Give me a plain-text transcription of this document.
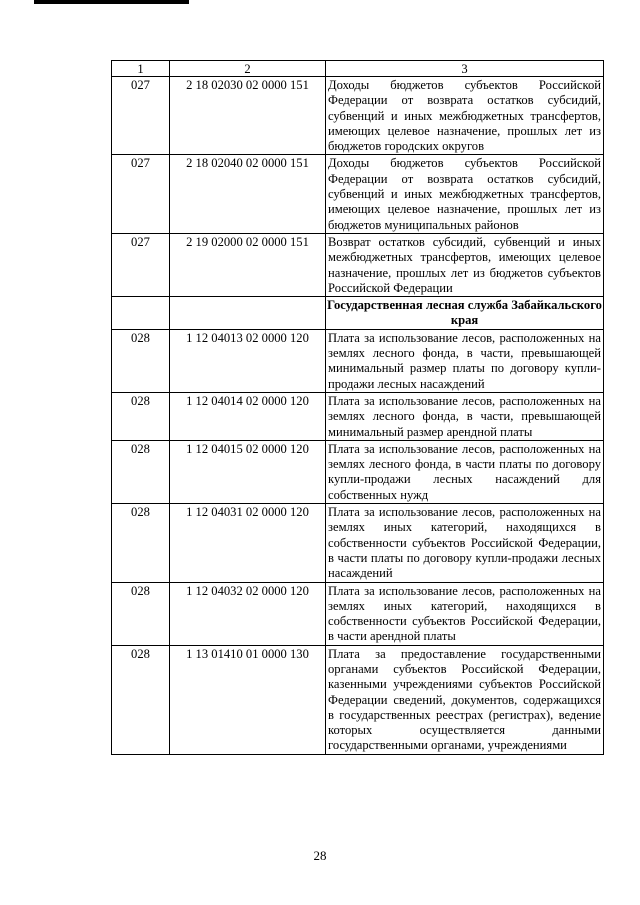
1	2	3
027	2 18 02030 02 0000 151	Доходы бюджетов субъектов Российской Федерации от возврата остатков субсидий, субвенций и иных межбюджетных трансфертов, имеющих целевое назначение, прошлых лет из бюджетов городских округов
027	2 18 02040 02 0000 151	Доходы бюджетов субъектов Российской Федерации от возврата остатков субсидий, субвенций и иных межбюджетных трансфертов, имеющих целевое назначение, прошлых лет из бюджетов муниципальных районов
027	2 19 02000 02 0000 151	Возврат остатков субсидий, субвенций и иных межбюджетных трансфертов, имеющих целевое назначение, прошлых лет из бюджетов субъектов Российской Федерации
		Государственная лесная служба Забайкальского края
028	1 12 04013 02 0000 120	Плата за использование лесов, расположенных на землях лесного фонда, в части, превышающей минимальный размер платы по договору купли-продажи лесных насаждений
028	1 12 04014 02 0000 120	Плата за использование лесов, расположенных на землях лесного фонда, в части, превышающей минимальный размер арендной платы
028	1 12 04015 02 0000 120	Плата за использование лесов, расположенных на землях лесного фонда, в части платы по договору купли-продажи лесных насаждений для собственных нужд
028	1 12 04031 02 0000 120	Плата за использование лесов, расположенных на землях иных категорий, находящихся в собственности субъектов Российской Федерации, в части платы по договору купли-продажи лесных насаждений
028	1 12 04032 02 0000 120	Плата за использование лесов, расположенных на землях иных категорий, находящихся в собственности субъектов Российской Федерации, в части арендной платы
028	1 13 01410 01 0000 130	Плата за предоставление государственными органами субъектов Российской Федерации, казенными учреждениями субъектов Российской Федерации сведений, документов, содержащихся в государственных реестрах (регистрах), ведение которых осуществляется данными государственными органами, учреждениями
28
